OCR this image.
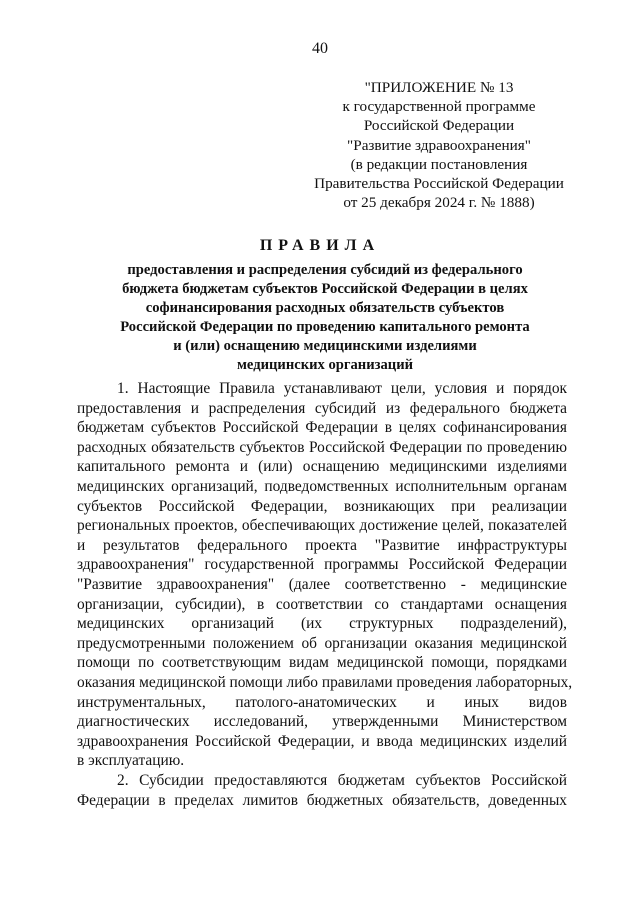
40
"ПРИЛОЖЕНИЕ № 13
к государственной программе
Российской Федерации
"Развитие здравоохранения"
(в редакции постановления
Правительства Российской Федерации
от 25 декабря 2024 г. № 1888)
ПРАВИЛА
предоставления и распределения субсидий из федерального
бюджета бюджетам субъектов Российской Федерации в целях
софинансирования расходных обязательств субъектов
Российской Федерации по проведению капитального ремонта
и (или) оснащению медицинскими изделиями
медицинских организаций
1. Настоящие Правила устанавливают цели, условия и порядок
предоставления и распределения субсидий из федерального бюджета
бюджетам субъектов Российской Федерации в целях софинансирования
расходных обязательств субъектов Российской Федерации по проведению
капитального ремонта и (или) оснащению медицинскими изделиями
медицинских организаций, подведомственных исполнительным органам
субъектов Российской Федерации, возникающих при реализации
региональных проектов, обеспечивающих достижение целей, показателей
и результатов федерального проекта "Развитие инфраструктуры
здравоохранения" государственной программы Российской Федерации
"Развитие здравоохранения" (далее соответственно - медицинские
организации, субсидии), в соответствии со стандартами оснащения
медицинских организаций (их структурных подразделений),
предусмотренными положением об организации оказания медицинской
помощи по соответствующим видам медицинской помощи, порядками
оказания медицинской помощи либо правилами проведения лабораторных,
инструментальных, патолого-анатомических и иных видов
диагностических исследований, утвержденными Министерством
здравоохранения Российской Федерации, и ввода медицинских изделий
в эксплуатацию.
2. Субсидии предоставляются бюджетам субъектов Российской
Федерации в пределах лимитов бюджетных обязательств, доведенных
